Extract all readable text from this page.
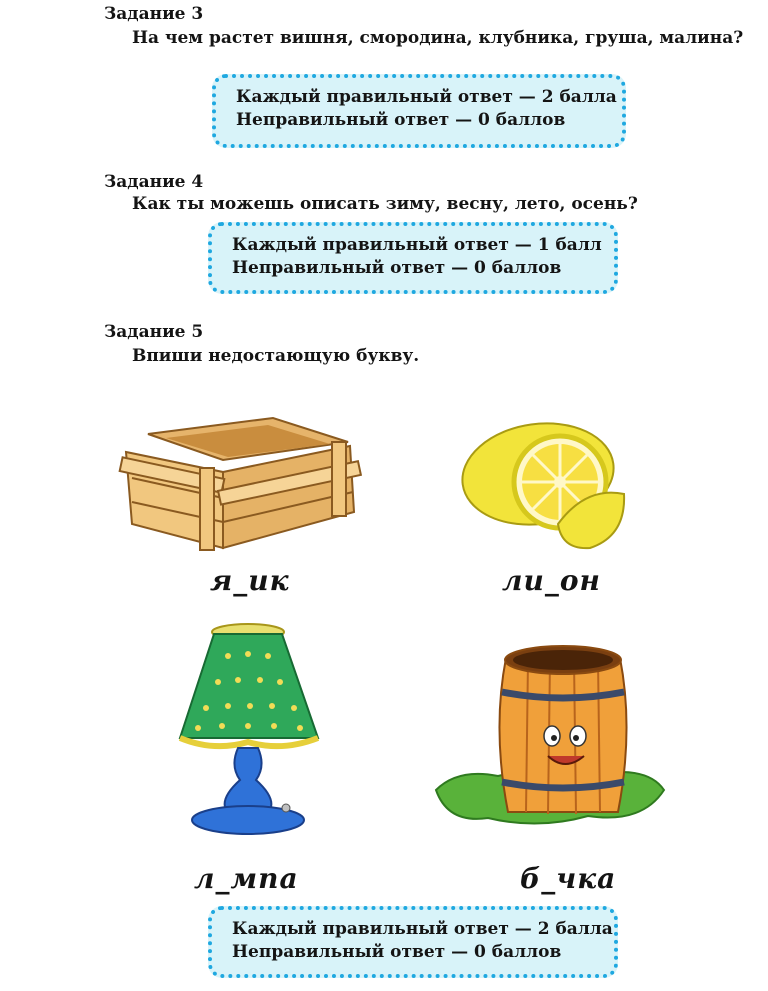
Задание 3
На чем растет вишня, смородина, клубника, груша, малина?
Каждый правильный ответ — 2 балла
Неправильный ответ — 0 баллов
Задание 4
Как ты можешь описать зиму, весну, лето, осень?
Каждый правильный ответ — 1 балл
Неправильный ответ — 0 баллов
Задание 5
Впиши недостающую букву.
я_ик	ли_он
л_мпа	б_чка
Каждый правильный ответ — 2 балла
Неправильный ответ — 0 баллов
